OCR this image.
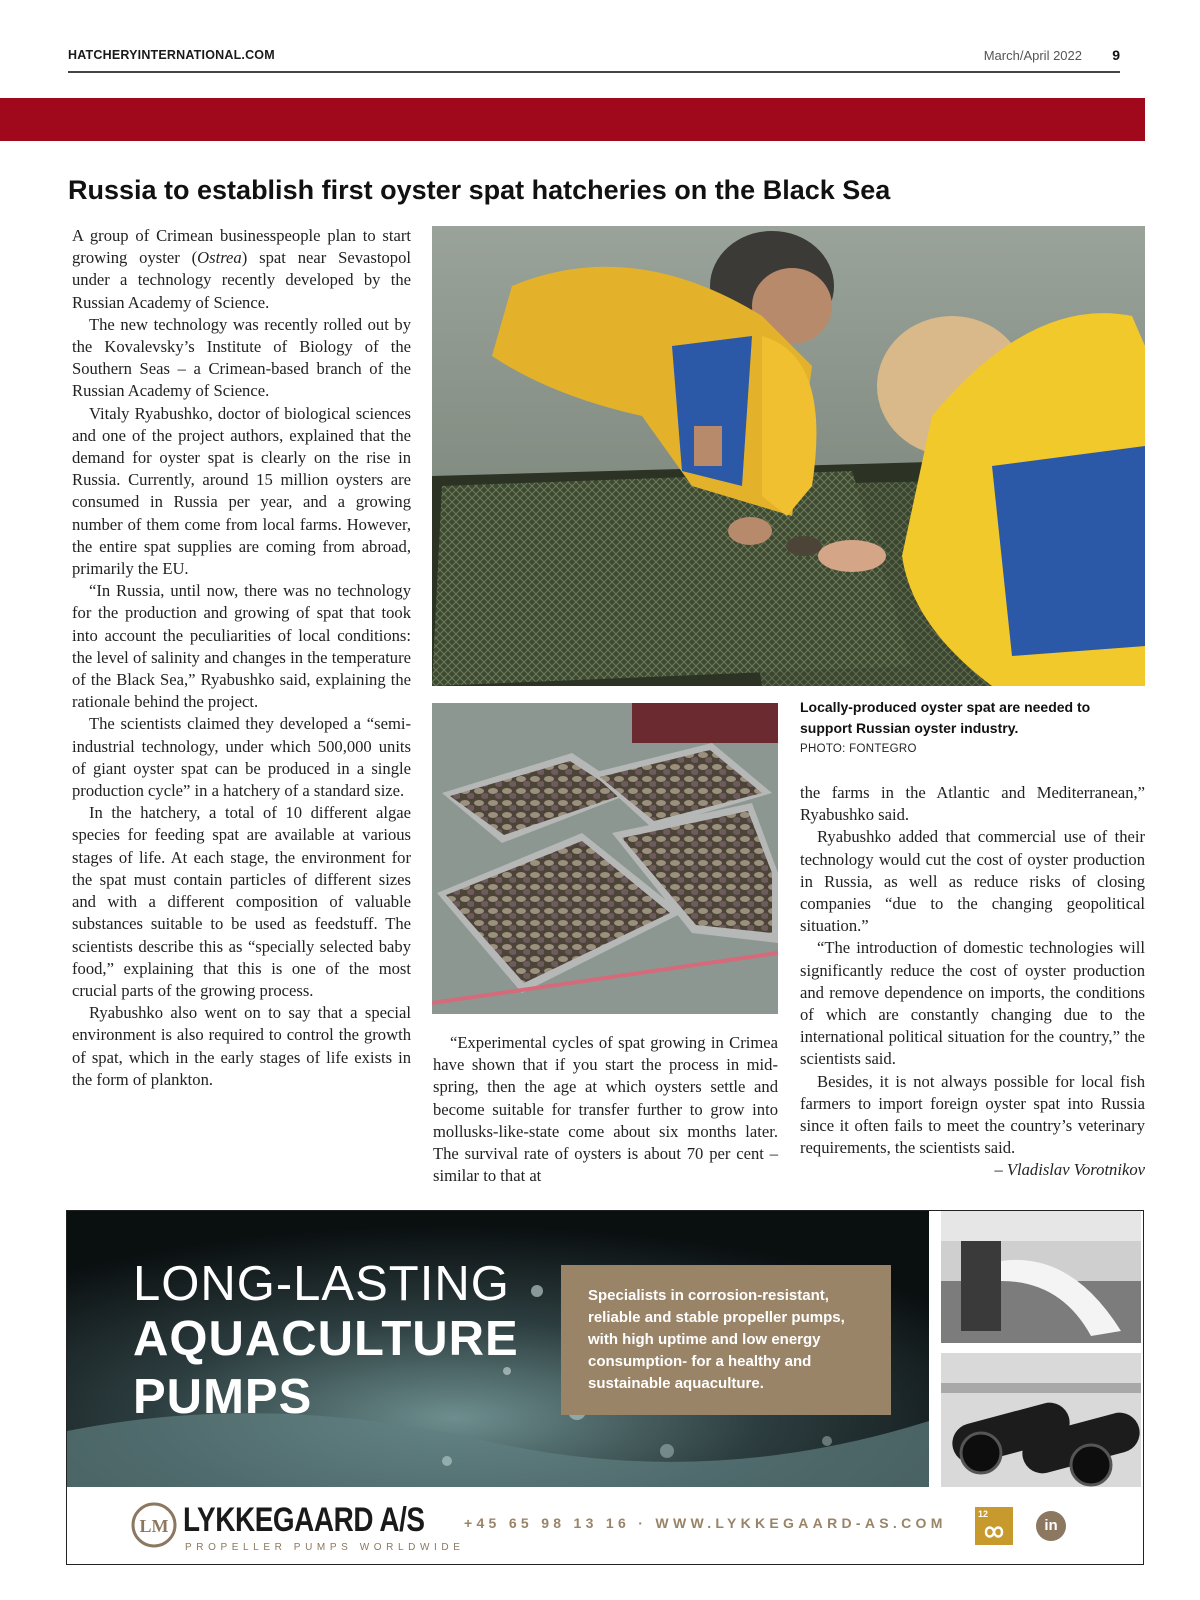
HATCHERYINTERNATIONAL.COM	March/April 2022 9
Russia to establish first oyster spat hatcheries on the Black Sea

A group of Crimean businesspeople plan to start growing oyster (Ostrea) spat near Sevastopol under a technology recently developed by the Russian Academy of Science.

The new technology was recently rolled out by the Kovalevsky’s Institute of Biology of the Southern Seas – a Crimean-based branch of the Russian Academy of Science.

Vitaly Ryabushko, doctor of biological sciences and one of the project authors, explained that the demand for oyster spat is clearly on the rise in Russia. Currently, around 15 million oysters are consumed in Russia per year, and a growing number of them come from local farms. However, the entire spat supplies are coming from abroad, primarily the EU.

“In Russia, until now, there was no technology for the production and growing of spat that took into account the peculiarities of local conditions: the level of salinity and changes in the temperature of the Black Sea,” Ryabushko said, explaining the rationale behind the project.

The scientists claimed they developed a “semi-industrial technology, under which 500,000 units of giant oyster spat can be produced in a single production cycle” in a hatchery of a standard size.

In the hatchery, a total of 10 different algae species for feeding spat are available at various stages of life. At each stage, the environment for the spat must contain particles of different sizes and with a different composition of valuable substances suitable to be used as feedstuff. The scientists describe this as “specially selected baby food,” explaining that this is one of the most crucial parts of the growing process.

Ryabushko also went on to say that a special environment is also required to control the growth of spat, which in the early stages of life exists in the form of plankton.

Locally-produced oyster spat are needed to support Russian oyster industry.
PHOTO: FONTEGRO

“Experimental cycles of spat growing in Crimea have shown that if you start the process in mid-spring, then the age at which oysters settle and become suitable for transfer further to grow into mollusks-like-state come about six months later. The survival rate of oysters is about 70 per cent – similar to that at

the farms in the Atlantic and Mediterranean,” Ryabushko said.

Ryabushko added that commercial use of their technology would cut the cost of oyster production in Russia, as well as reduce risks of closing companies “due to the changing geopolitical situation.”

“The introduction of domestic technologies will significantly reduce the cost of oyster production and remove dependence on imports, the conditions of which are constantly changing due to the international political situation for the country,” the scientists said.

Besides, it is not always possible for local fish farmers to import foreign oyster spat into Russia since it often fails to meet the country’s veterinary requirements, the scientists said.

– Vladislav Vorotnikov

LONG-LASTING
AQUACULTURE
PUMPS
Specialists in corrosion-resistant, reliable and stable propeller pumps, with high uptime and low energy consumption- for a healthy and sustainable aquaculture.
LM LYKKEGAARD A/S
PROPELLER PUMPS WORLDWIDE
+45 65 98 13 16 · WWW.LYKKEGAARD-AS.COM
12
in
